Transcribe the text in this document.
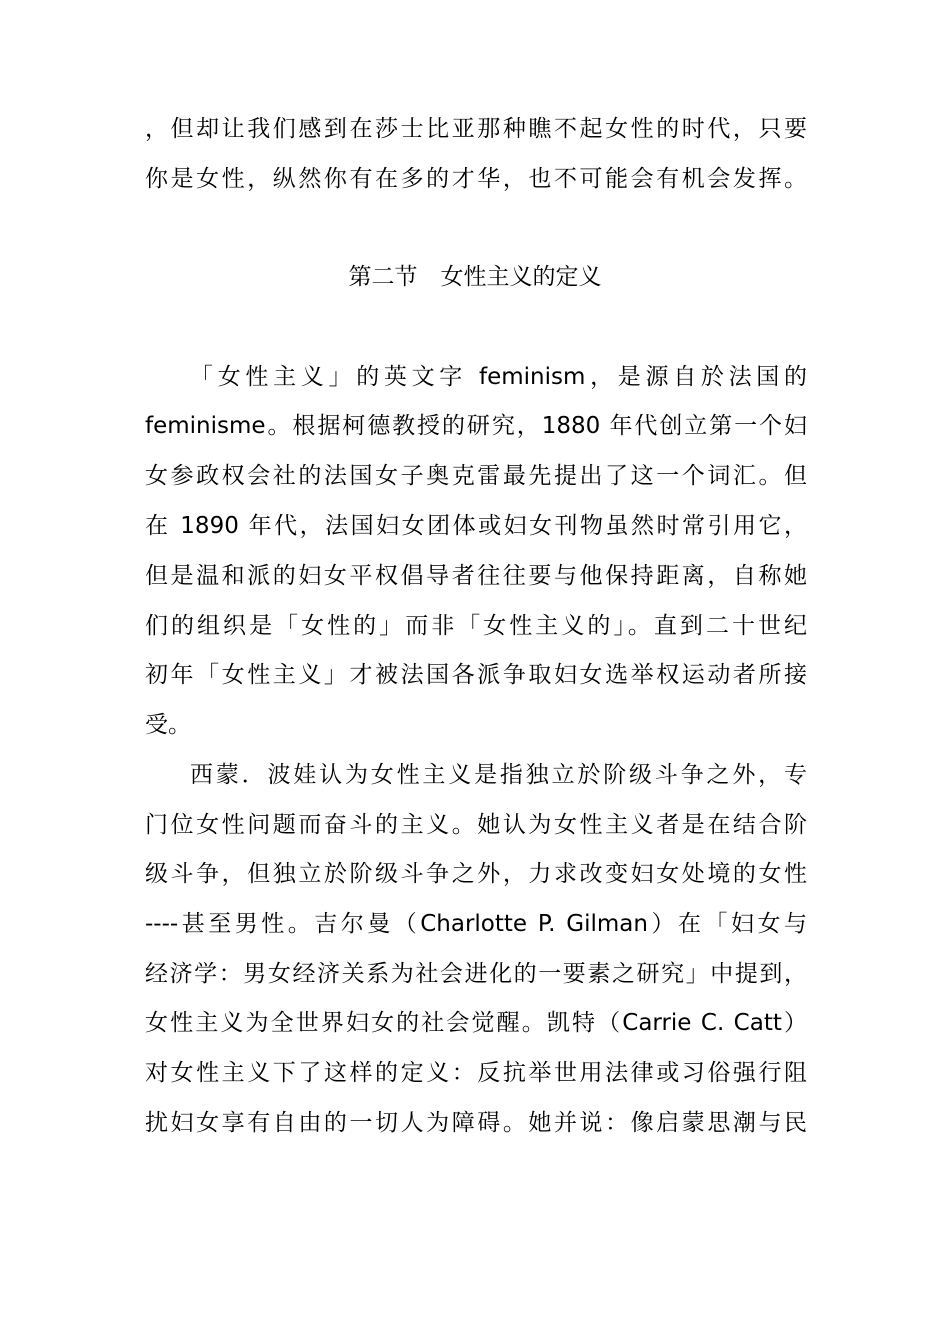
，但却让我们感到在莎士比亚那种瞧不起女性的时代，只要
你是女性，纵然你有在多的才华，也不可能会有机会发挥。
第二节　女性主义的定义
「女性主义」的英文字 feminism，是源自於法国的
feminisme。根据柯德教授的研究，1880 年代创立第一个妇
女参政权会社的法国女子奥克雷最先提出了这一个词汇。但
在 1890 年代，法国妇女团体或妇女刊物虽然时常引用它，
但是温和派的妇女平权倡导者往往要与他保持距离，自称她
们的组织是「女性的」而非「女性主义的」。直到二十世纪
初年「女性主义」才被法国各派争取妇女选举权运动者所接
受。
西蒙．波娃认为女性主义是指独立於阶级斗争之外，专
门位女性问题而奋斗的主义。她认为女性主义者是在结合阶
级斗争，但独立於阶级斗争之外，力求改变妇女处境的女性
----甚至男性。吉尔曼（Charlotte P. Gilman）在「妇女与
经济学：男女经济关系为社会进化的一要素之研究」中提到，
女性主义为全世界妇女的社会觉醒。凯特（Carrie C. Catt）
对女性主义下了这样的定义：反抗举世用法律或习俗强行阻
扰妇女享有自由的一切人为障碍。她并说：像启蒙思潮与民
